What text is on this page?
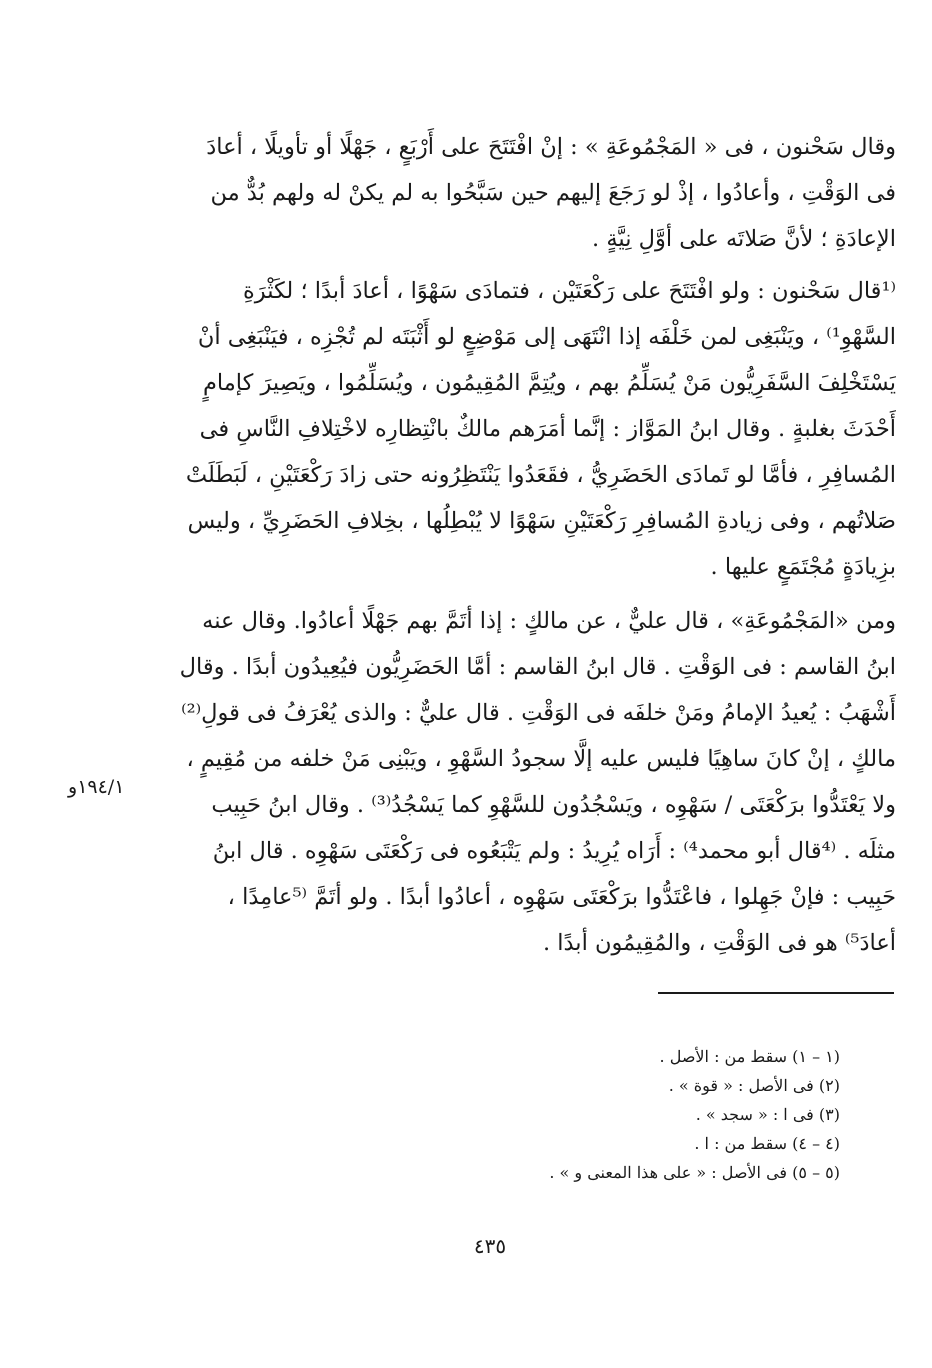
وقال سَحْنون ، فى « المَجْمُوعَةِ » : إنْ افْتَتَحَ على أَرْبَعٍ ، جَهْلًا أو تأويلًا ، أعادَ
فى الوَقْتِ ، وأعادُوا ، إذْ لو رَجَعَ إليهم حين سَبَّحُوا به لم يكنْ له ولهم بُدٌّ من
الإعادَةِ ؛ لأنَّ صَلاتَه على أوَّلِ نِيَّةٍ .
⁽¹قال سَحْنون : ولو افْتَتَحَ على رَكْعَتَيْن ، فتمادَى سَهْوًا ، أعادَ أبدًا ؛ لكَثْرَةِ
السَّهْوِ¹⁾ ، ويَنْبَغِى لمن خَلْفَه إذا انْتَهَى إلى مَوْضِعٍ لو أَثْبَتَه لم تُجْزِه ، فيَنْبَغِى أنْ
يَسْتَخْلِفَ السَّفَرِيُّون مَنْ يُسَلِّمُ بهم ، ويُتِمَّ المُقِيمُون ، ويُسَلِّمُوا ، ويَصِيرَ كإمامٍ
أَحْدَثَ بغلبةٍ . وقال ابنُ المَوَّاز : إنَّما أمَرَهم مالكٌ بانْتِظارِه لاخْتِلافِ النَّاسِ فى
المُسافِرِ ، فأمَّا لو تَمادَى الحَضَرِيُّ ، فقَعَدُوا يَنْتَظِرُونه حتى زادَ رَكْعَتَيْنِ ، لَبَطَلَتْ
صَلاتُهم ، وفى زيادةِ المُسافِرِ رَكْعَتَيْنِ سَهْوًا لا يُبْطِلُها ، بخِلافِ الحَضَرِيِّ ، وليس
بزِيادَةٍ مُجْتَمَعٍ عليها .
ومن «المَجْمُوعَةِ» ، قال عليٌّ ، عن مالكٍ : إذا أتَمَّ بهم جَهْلًا أعادُوا. وقال عنه
ابنُ القاسم : فى الوَقْتِ . قال ابنُ القاسم : أمَّا الحَضَرِيُّون فيُعِيدُون أبدًا . وقال
أَشْهَبُ : يُعيدُ الإمامُ ومَنْ خلفَه فى الوَقْتِ . قال عليٌّ : والذى يُعْرَفُ فى قولِ⁽²⁾
مالكٍ ، إنْ كانَ ساهِيًا فليس عليه إلَّا سجودُ السَّهْوِ ، ويَبْنِى مَنْ خلفه من مُقِيمٍ ،
ولا يَعْتَدُّوا برَكْعَتَى / سَهْوِه ، ويَسْجُدُون للسَّهْوِ كما يَسْجُدُ⁽³⁾ . وقال ابنُ حَبِيب
مثلَه . ⁽⁴قال أبو محمد⁴⁾ : أَرَاه يُرِيدُ : ولم يَتْبَعُوه فى رَكْعَتَى سَهْوِه . قال ابنُ
حَبِيب : فإنْ جَهِلوا ، فاعْتَدُّوا برَكْعَتَى سَهْوِه ، أعادُوا أبدًا . ولو أتَمَّ ⁽⁵عامِدًا ،
أعادَ⁵⁾ هو فى الوَقْتِ ، والمُقِيمُون أبدًا .
١٩٤/١و
(١ – ١) سقط من : الأصل .
(٢) فى الأصل : « قوة » .
(٣) فى ا : « سجد » .
(٤ – ٤) سقط من : ا .
(٥ – ٥) فى الأصل : « على هذا المعنى و » .
٤٣٥
